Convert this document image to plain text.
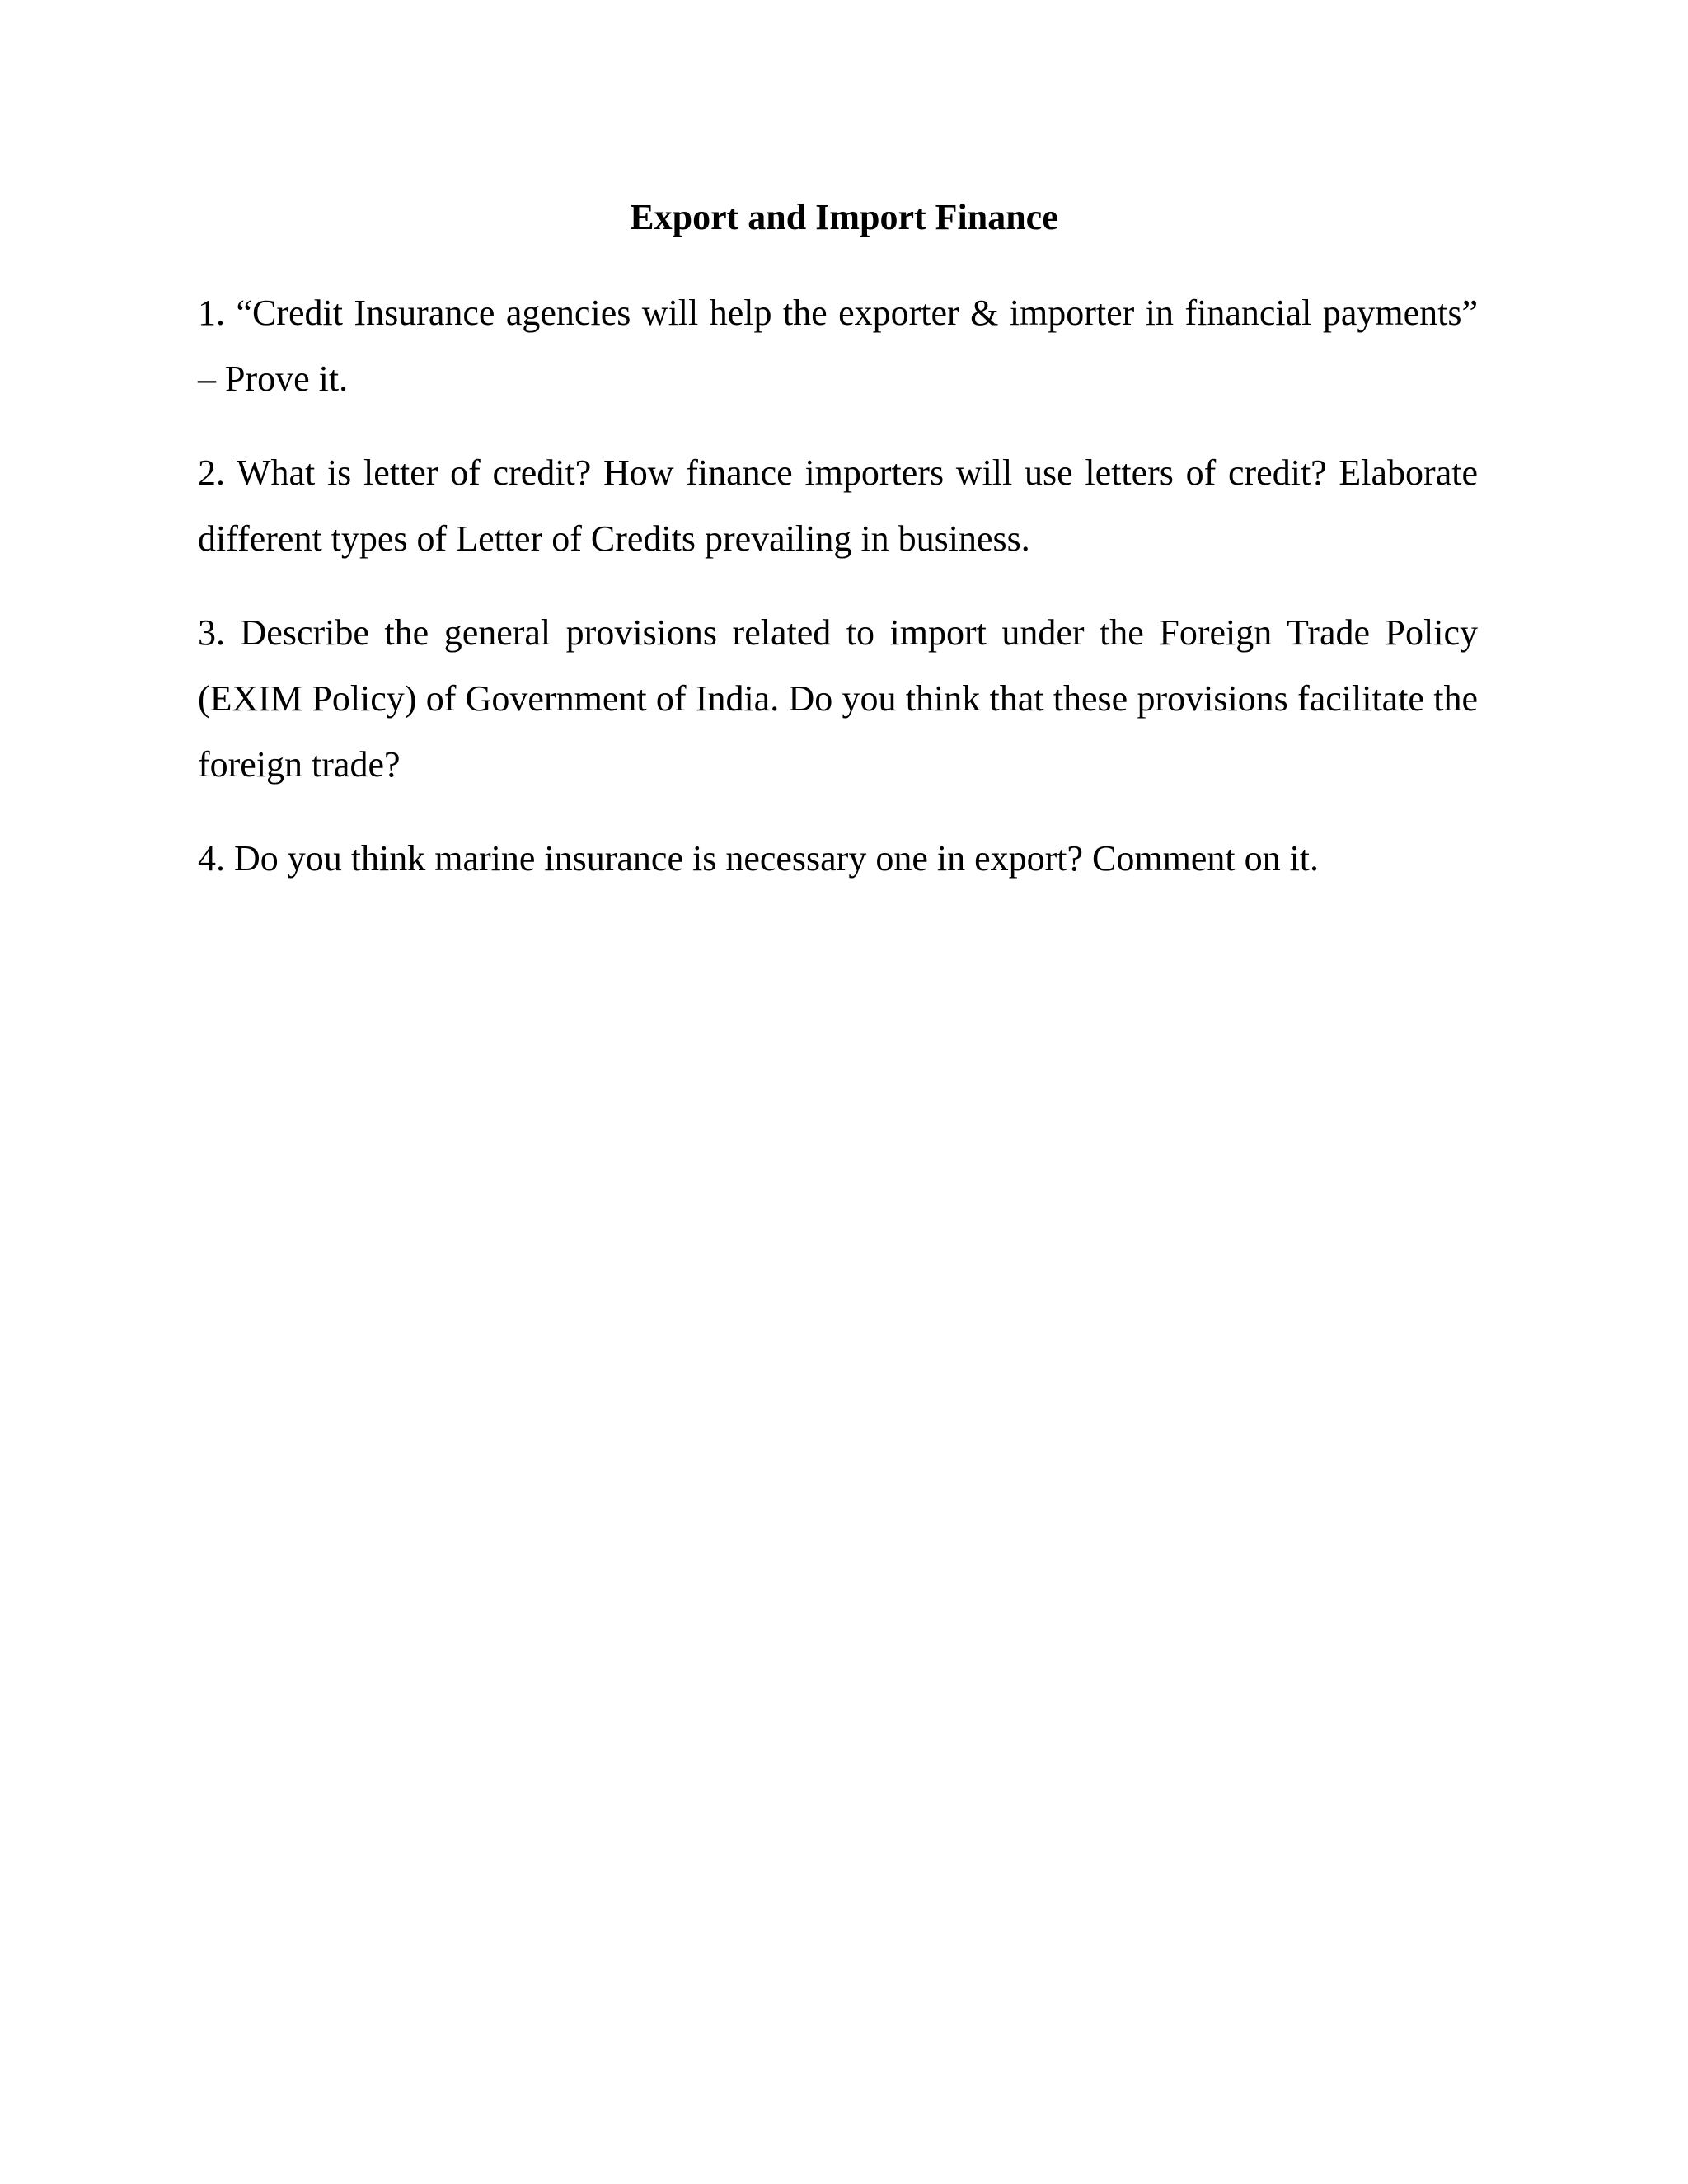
Export and Import Finance

1. “Credit Insurance agencies will help the exporter & importer in financial payments” – Prove it.

2. What is letter of credit? How finance importers will use letters of credit? Elaborate different types of Letter of Credits prevailing in business.

3. Describe the general provisions related to import under the Foreign Trade Policy (EXIM Policy) of Government of India. Do you think that these provisions facilitate the foreign trade?

4. Do you think marine insurance is necessary one in export? Comment on it.
